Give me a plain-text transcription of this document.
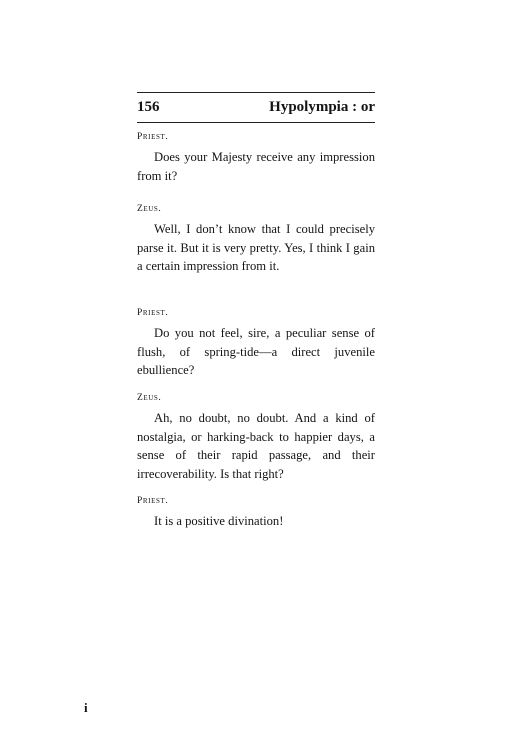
156	Hypolympia : or

Priest.

Does your Majesty receive any impression from it?

Zeus.

Well, I don’t know that I could precisely parse it. But it is very pretty. Yes, I think I gain a certain impression from it.

Priest.

Do you not feel, sire, a peculiar sense of flush, of spring-tide—a direct juvenile ebullience?

Zeus.

Ah, no doubt, no doubt. And a kind of nostalgia, or harking-back to happier days, a sense of their rapid passage, and their irrecoverability. Is that right?

Priest.

It is a positive divination!

i
